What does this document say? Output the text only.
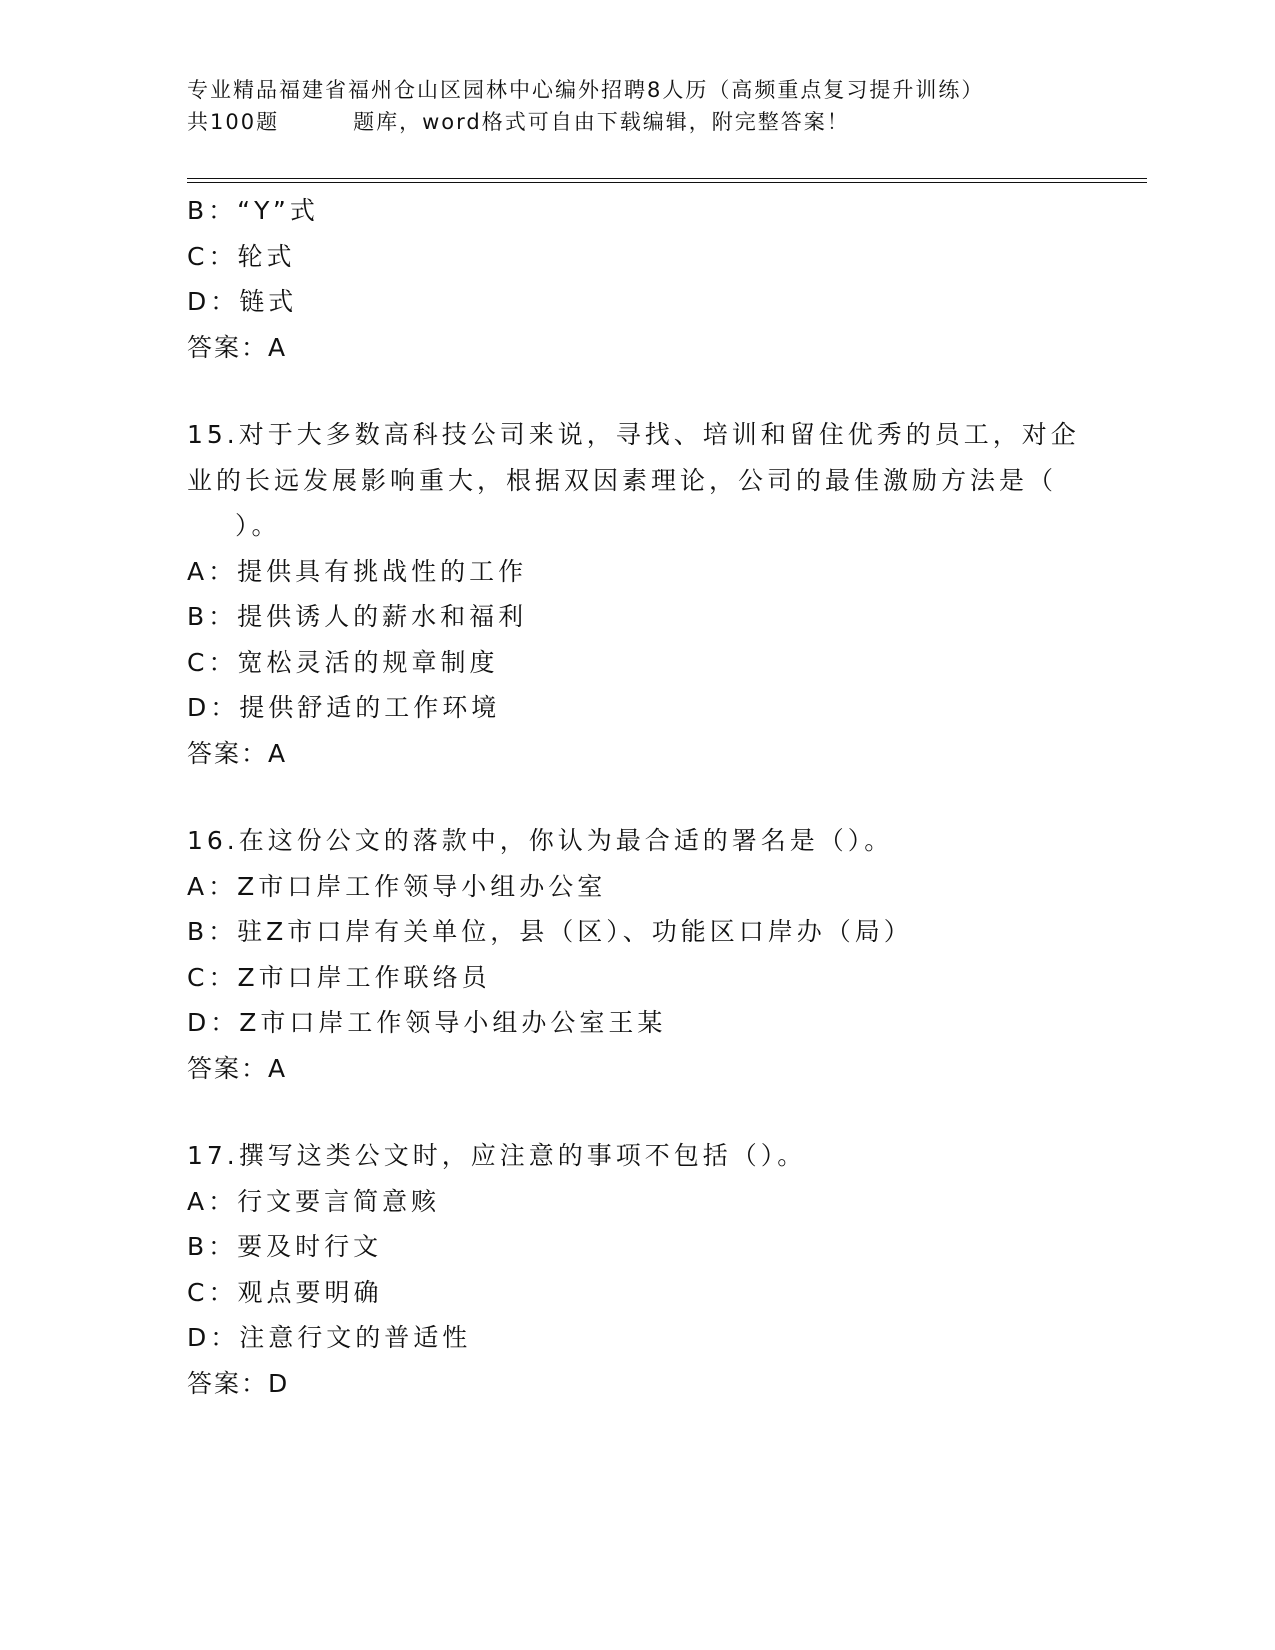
专业精品福建省福州仓山区园林中心编外招聘8人历（高频重点复习提升训练）
共100题	题库，word格式可自由下载编辑，附完整答案！

B：“Y”式

C：轮式

D：链式

答案：A

15.对于大多数高科技公司来说，寻找、培训和留住优秀的员工，对企

业的长远发展影响重大，根据双因素理论，公司的最佳激励方法是（

）。

A：提供具有挑战性的工作

B：提供诱人的薪水和福利

C：宽松灵活的规章制度

D：提供舒适的工作环境

答案：A

16.在这份公文的落款中，你认为最合适的署名是（）。

A：Z市口岸工作领导小组办公室

B：驻Z市口岸有关单位，县（区）、功能区口岸办（局）

C：Z市口岸工作联络员

D：Z市口岸工作领导小组办公室王某

答案：A

17.撰写这类公文时，应注意的事项不包括（）。

A：行文要言简意赅

B：要及时行文

C：观点要明确

D：注意行文的普适性

答案：D
